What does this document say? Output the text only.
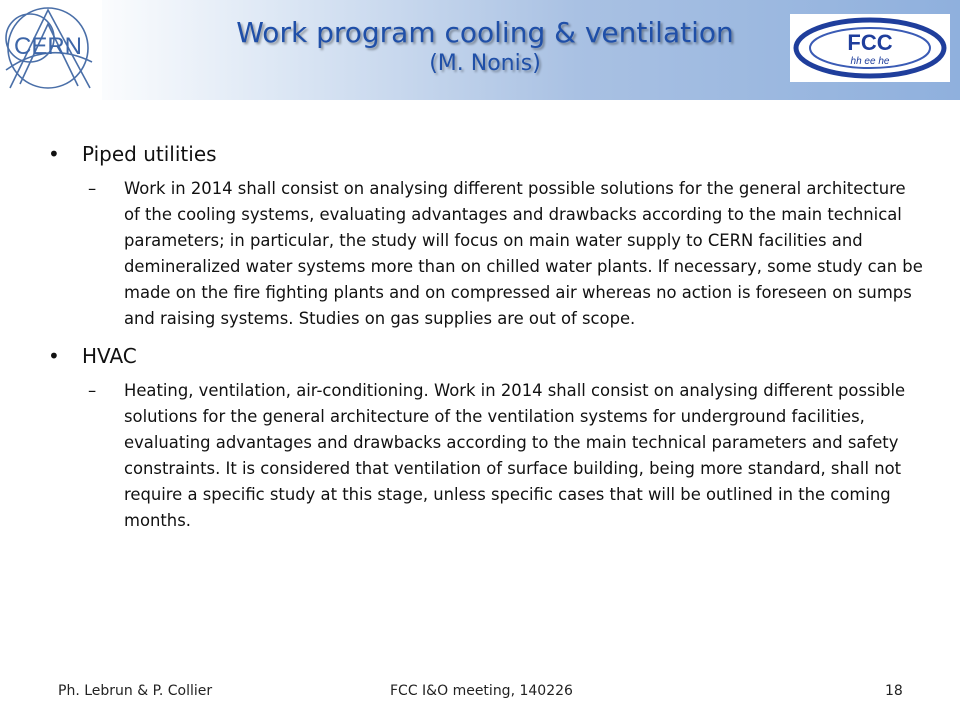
CERN	Work program cooling & ventilation
(M. Nonis)
FCC
hh ee he
• Piped utilities
– Work in 2014 shall consist on analysing different possible solutions for the general architecture of the cooling systems, evaluating advantages and drawbacks according to the main technical parameters; in particular, the study will focus on main water supply to CERN facilities and demineralized water systems more than on chilled water plants. If necessary, some study can be made on the fire fighting plants and on compressed air whereas no action is foreseen on sumps and raising systems. Studies on gas supplies are out of scope.
• HVAC
– Heating, ventilation, air-conditioning. Work in 2014 shall consist on analysing different possible solutions for the general architecture of the ventilation systems for underground facilities, evaluating advantages and drawbacks according to the main technical parameters and safety constraints. It is considered that ventilation of surface building, being more standard, shall not require a specific study at this stage, unless specific cases that will be outlined in the coming months.
Ph. Lebrun & P. Collier	FCC I&O meeting, 140226	18
